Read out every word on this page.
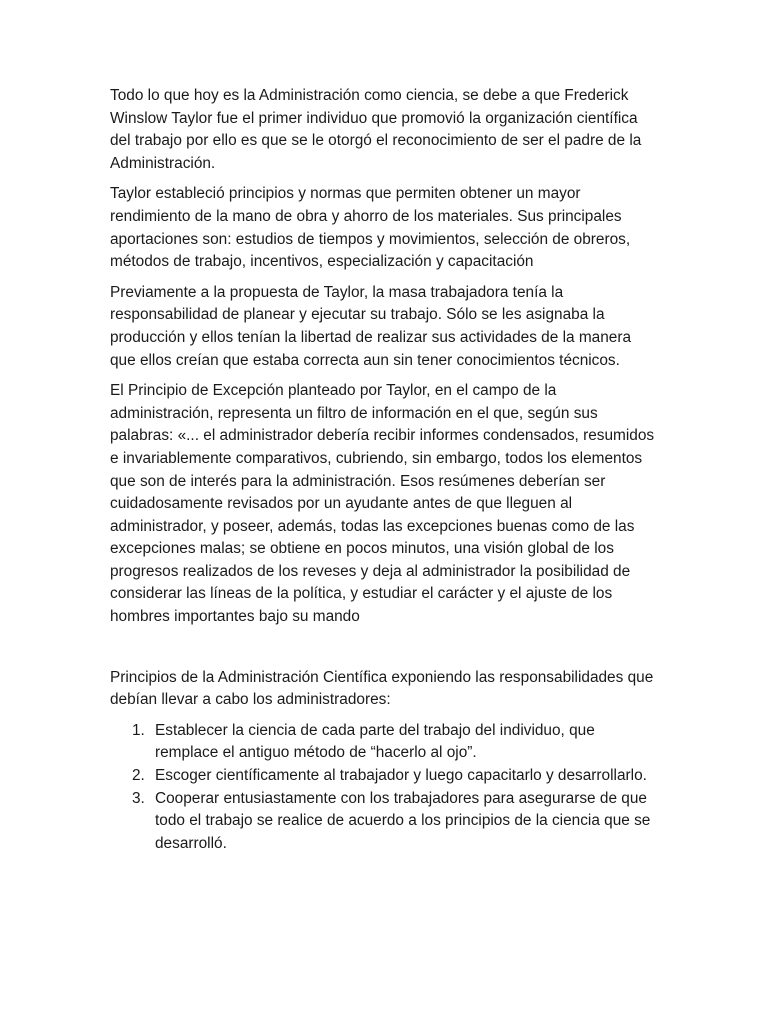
Todo lo que hoy es la Administración como ciencia, se debe a que Frederick Winslow Taylor fue el primer individuo que promovió la organización científica del trabajo por ello es que se le otorgó el reconocimiento de ser el padre de la Administración.

Taylor estableció principios y normas que permiten obtener un mayor rendimiento de la mano de obra y ahorro de los materiales. Sus principales aportaciones son: estudios de tiempos y movimientos, selección de obreros, métodos de trabajo, incentivos, especialización y capacitación

Previamente a la propuesta de Taylor, la masa trabajadora tenía la responsabilidad de planear y ejecutar su trabajo. Sólo se les asignaba la producción y ellos tenían la libertad de realizar sus actividades de la manera que ellos creían que estaba correcta aun sin tener conocimientos técnicos.

El Principio de Excepción planteado por Taylor, en el campo de la administración, representa un filtro de información en el que, según sus palabras: «... el administrador debería recibir informes condensados, resumidos e invariablemente comparativos, cubriendo, sin embargo, todos los elementos que son de interés para la administración. Esos resúmenes deberían ser cuidadosamente revisados por un ayudante antes de que lleguen al administrador, y poseer, además, todas las excepciones buenas como de las excepciones malas; se obtiene en pocos minutos, una visión global de los progresos realizados de los reveses y deja al administrador la posibilidad de considerar las líneas de la política, y estudiar el carácter y el ajuste de los hombres importantes bajo su mando

Principios de la Administración Científica exponiendo las responsabilidades que debían llevar a cabo los administradores:

1. Establecer la ciencia de cada parte del trabajo del individuo, que remplace el antiguo método de “hacerlo al ojo”.
2. Escoger científicamente al trabajador y luego capacitarlo y desarrollarlo.
3. Cooperar entusiastamente con los trabajadores para asegurarse de que todo el trabajo se realice de acuerdo a los principios de la ciencia que se desarrolló.
